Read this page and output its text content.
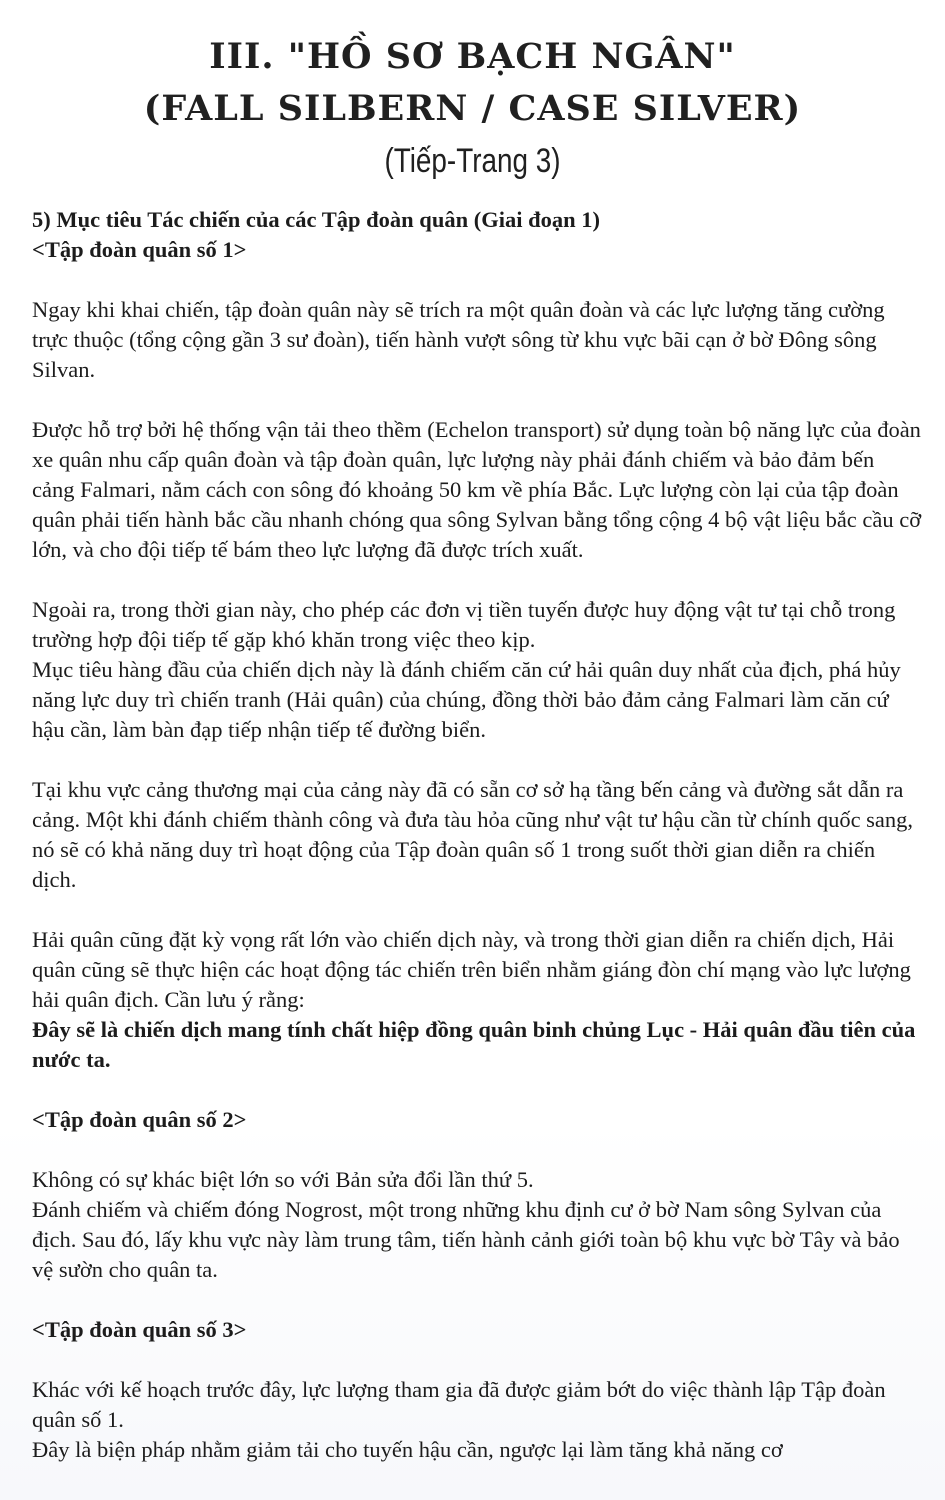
III. "HỒ SƠ BẠCH NGÂN"
(FALL SILBERN / CASE SILVER)
(Tiếp-Trang 3)

5) Mục tiêu Tác chiến của các Tập đoàn quân (Giai đoạn 1)

<Tập đoàn quân số 1>

Ngay khi khai chiến, tập đoàn quân này sẽ trích ra một quân đoàn và các lực lượng tăng cường trực thuộc (tổng cộng gần 3 sư đoàn), tiến hành vượt sông từ khu vực bãi cạn ở bờ Đông sông Silvan.

Được hỗ trợ bởi hệ thống vận tải theo thềm (Echelon transport) sử dụng toàn bộ năng lực của đoàn xe quân nhu cấp quân đoàn và tập đoàn quân, lực lượng này phải đánh chiếm và bảo đảm bến cảng Falmari, nằm cách con sông đó khoảng 50 km về phía Bắc. Lực lượng còn lại của tập đoàn quân phải tiến hành bắc cầu nhanh chóng qua sông Sylvan bằng tổng cộng 4 bộ vật liệu bắc cầu cỡ lớn, và cho đội tiếp tế bám theo lực lượng đã được trích xuất.

Ngoài ra, trong thời gian này, cho phép các đơn vị tiền tuyến được huy động vật tư tại chỗ trong trường hợp đội tiếp tế gặp khó khăn trong việc theo kịp.

Mục tiêu hàng đầu của chiến dịch này là đánh chiếm căn cứ hải quân duy nhất của địch, phá hủy năng lực duy trì chiến tranh (Hải quân) của chúng, đồng thời bảo đảm cảng Falmari làm căn cứ hậu cần, làm bàn đạp tiếp nhận tiếp tế đường biển.

Tại khu vực cảng thương mại của cảng này đã có sẵn cơ sở hạ tầng bến cảng và đường sắt dẫn ra cảng. Một khi đánh chiếm thành công và đưa tàu hỏa cũng như vật tư hậu cần từ chính quốc sang, nó sẽ có khả năng duy trì hoạt động của Tập đoàn quân số 1 trong suốt thời gian diễn ra chiến dịch.

Hải quân cũng đặt kỳ vọng rất lớn vào chiến dịch này, và trong thời gian diễn ra chiến dịch, Hải quân cũng sẽ thực hiện các hoạt động tác chiến trên biển nhằm giáng đòn chí mạng vào lực lượng hải quân địch. Cần lưu ý rằng:

Đây sẽ là chiến dịch mang tính chất hiệp đồng quân binh chủng Lục - Hải quân đầu tiên của nước ta.

<Tập đoàn quân số 2>

Không có sự khác biệt lớn so với Bản sửa đổi lần thứ 5.

Đánh chiếm và chiếm đóng Nogrost, một trong những khu định cư ở bờ Nam sông Sylvan của địch. Sau đó, lấy khu vực này làm trung tâm, tiến hành cảnh giới toàn bộ khu vực bờ Tây và bảo vệ sườn cho quân ta.

<Tập đoàn quân số 3>

Khác với kế hoạch trước đây, lực lượng tham gia đã được giảm bớt do việc thành lập Tập đoàn quân số 1.

Đây là biện pháp nhằm giảm tải cho tuyến hậu cần, ngược lại làm tăng khả năng cơ
